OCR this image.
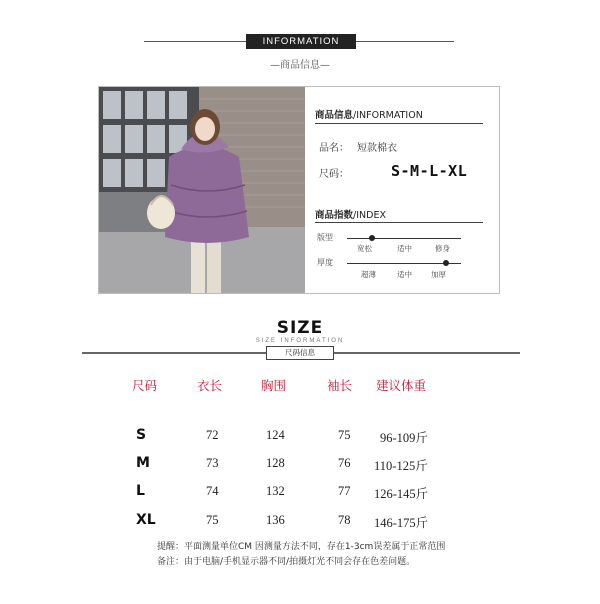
INFORMATION
—商品信息—
商品信息/INFORMATION
品名： 短款棉衣
尺码：	S-M-L-XL
商品指数/INDEX
版型
宽松	适中	修身
厚度
超薄	适中	加厚
SIZE
SIZE INFORMATION
尺码信息
尺码	衣长	胸围	袖长 建议体重
S	72	124	75 96-109斤
M	73	128	76 110-125斤
L	74	132	77 126-145斤
XL	75	136	78 146-175斤
提醒：平面测量单位CM 因测量方法不同，存在1-3cm误差属于正常范围
备注：由于电脑/手机显示器不同/拍摄灯光不同会存在色差问题。
